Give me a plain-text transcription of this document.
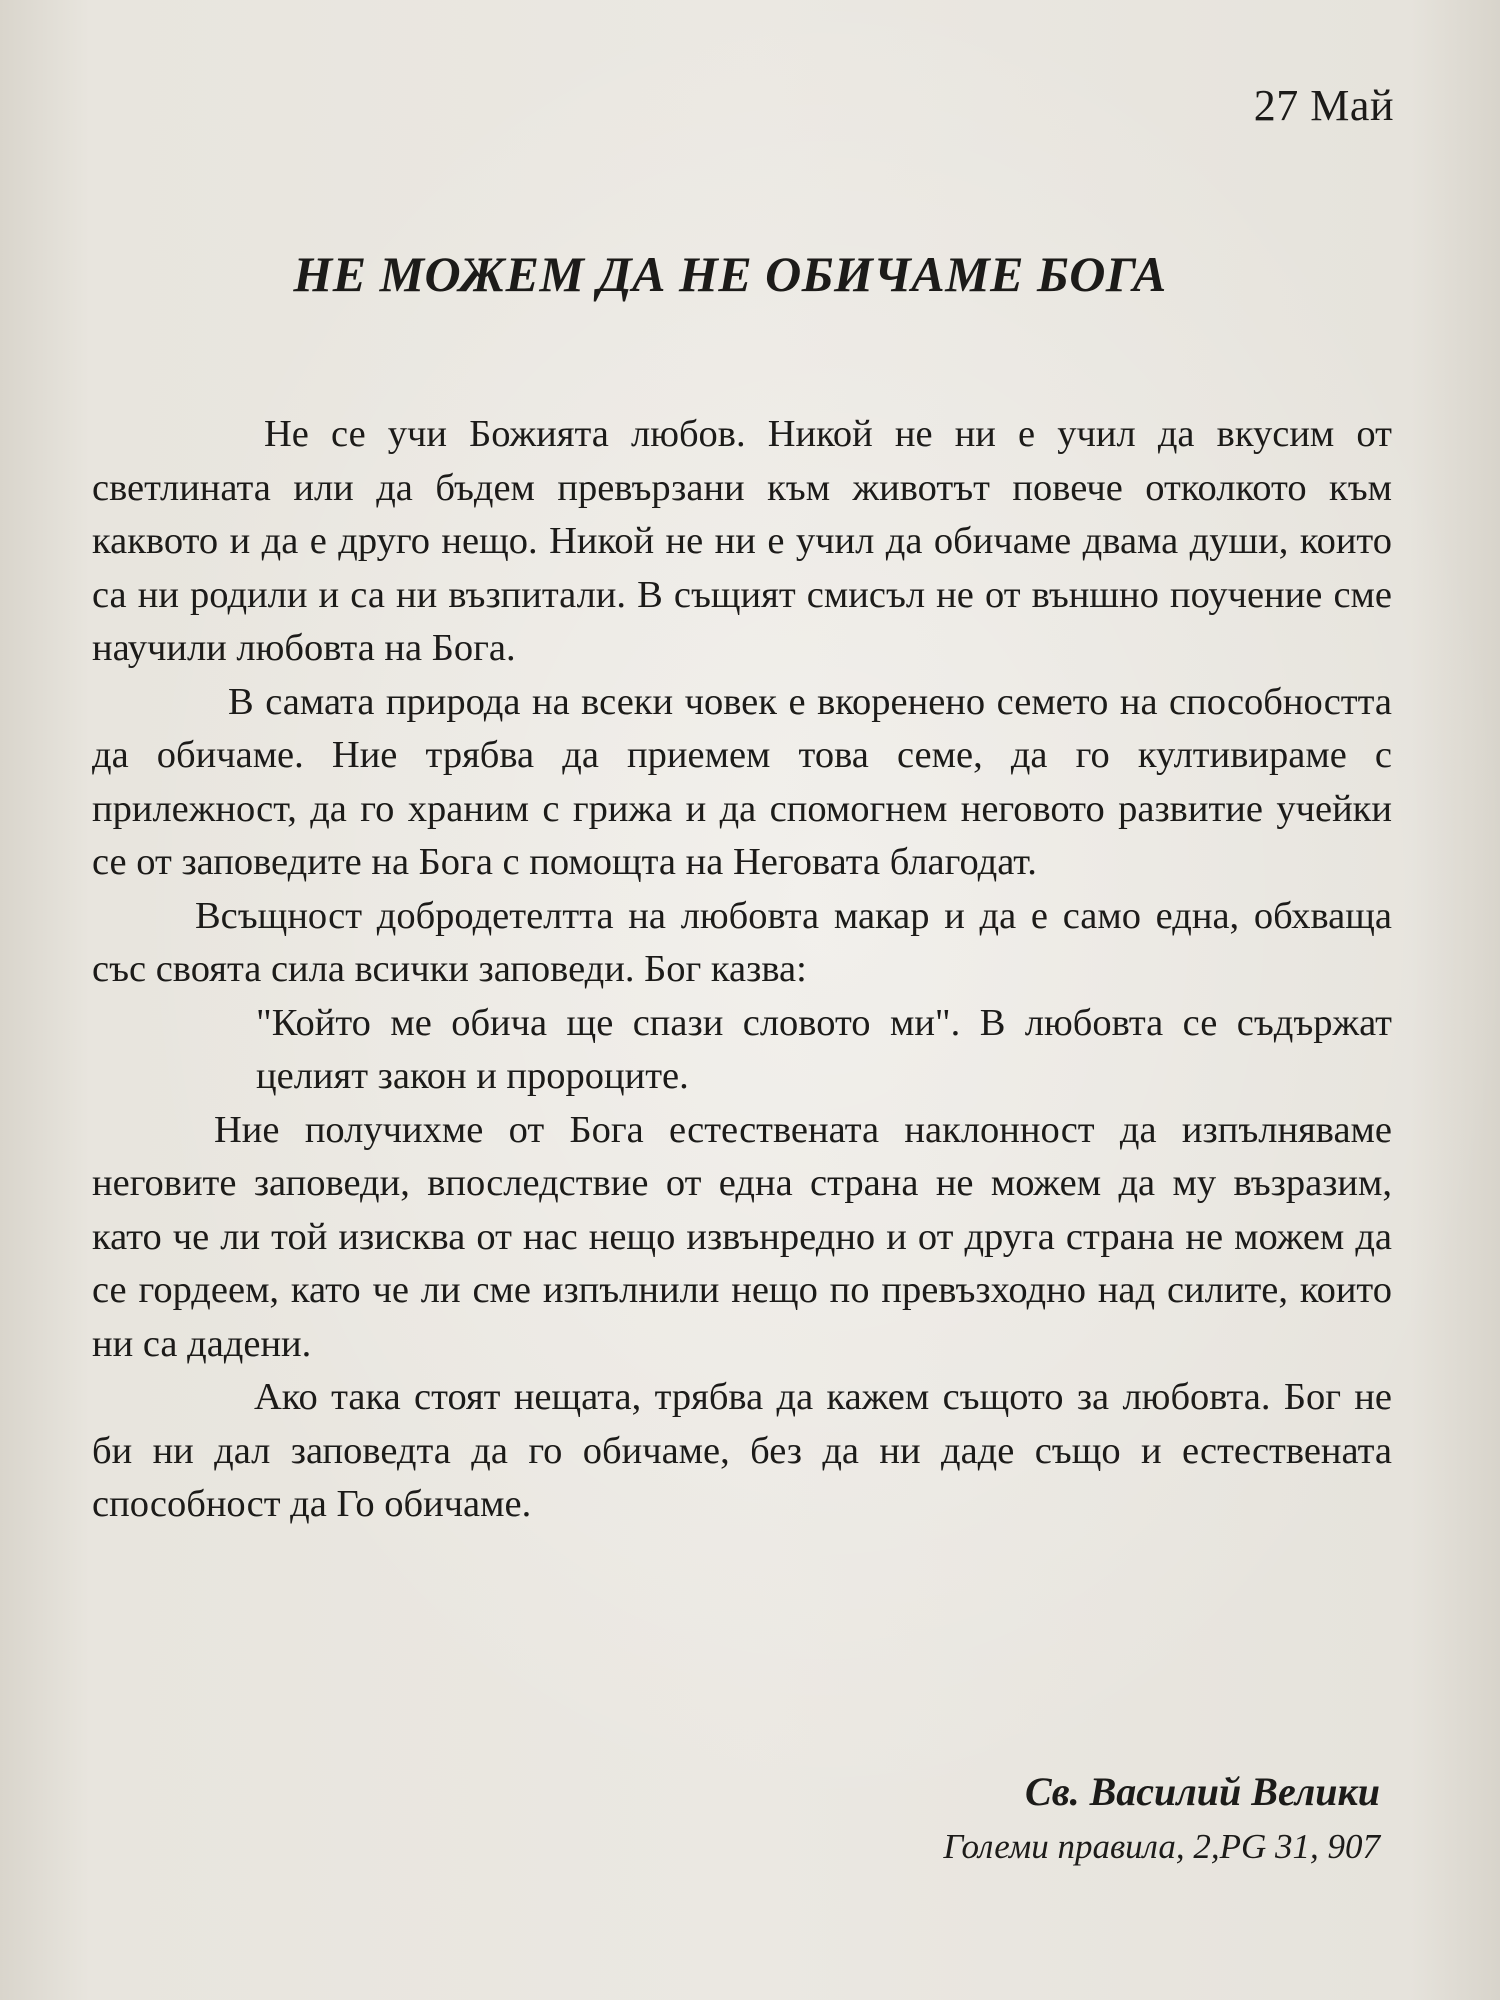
27 Май
НЕ МОЖЕМ ДА НЕ ОБИЧАМЕ БОГА

Не се учи Божията любов. Никой не ни е учил да вкусим от светлината или да бъдем превързани към животът повече отколкото към каквото и да е друго нещо. Никой не ни е учил да обичаме двама души, които са ни родили и са ни възпитали. В същият смисъл не от външно поучение сме научили любовта на Бога.

В самата природа на всеки човек е вкоренено семето на способността да обичаме. Ние трябва да приемем това семе, да го култивираме с прилежност, да го храним с грижа и да спомогнем неговото развитие учейки се от заповедите на Бога с помощта на Неговата благодат.

Всъщност добродетелтта на любовта макар и да е само една, обхваща със своята сила всички заповеди. Бог казва:

"Който ме обича ще спази словото ми". В любовта се съдържат целият закон и пророците.

Ние получихме от Бога естествената наклонност да изпълняваме неговите заповеди, впоследствие от една страна не можем да му възразим, като че ли той изисква от нас нещо извънредно и от друга страна не можем да се гордеем, като че ли сме изпълнили нещо по превъзходно над силите, които ни са дадени.

Ако така стоят нещата, трябва да кажем същото за любовта. Бог не би ни дал заповедта да го обичаме, без да ни даде също и естествената способност да Го обичаме.

Св. Василий Велики
Големи правила, 2,PG 31, 907
